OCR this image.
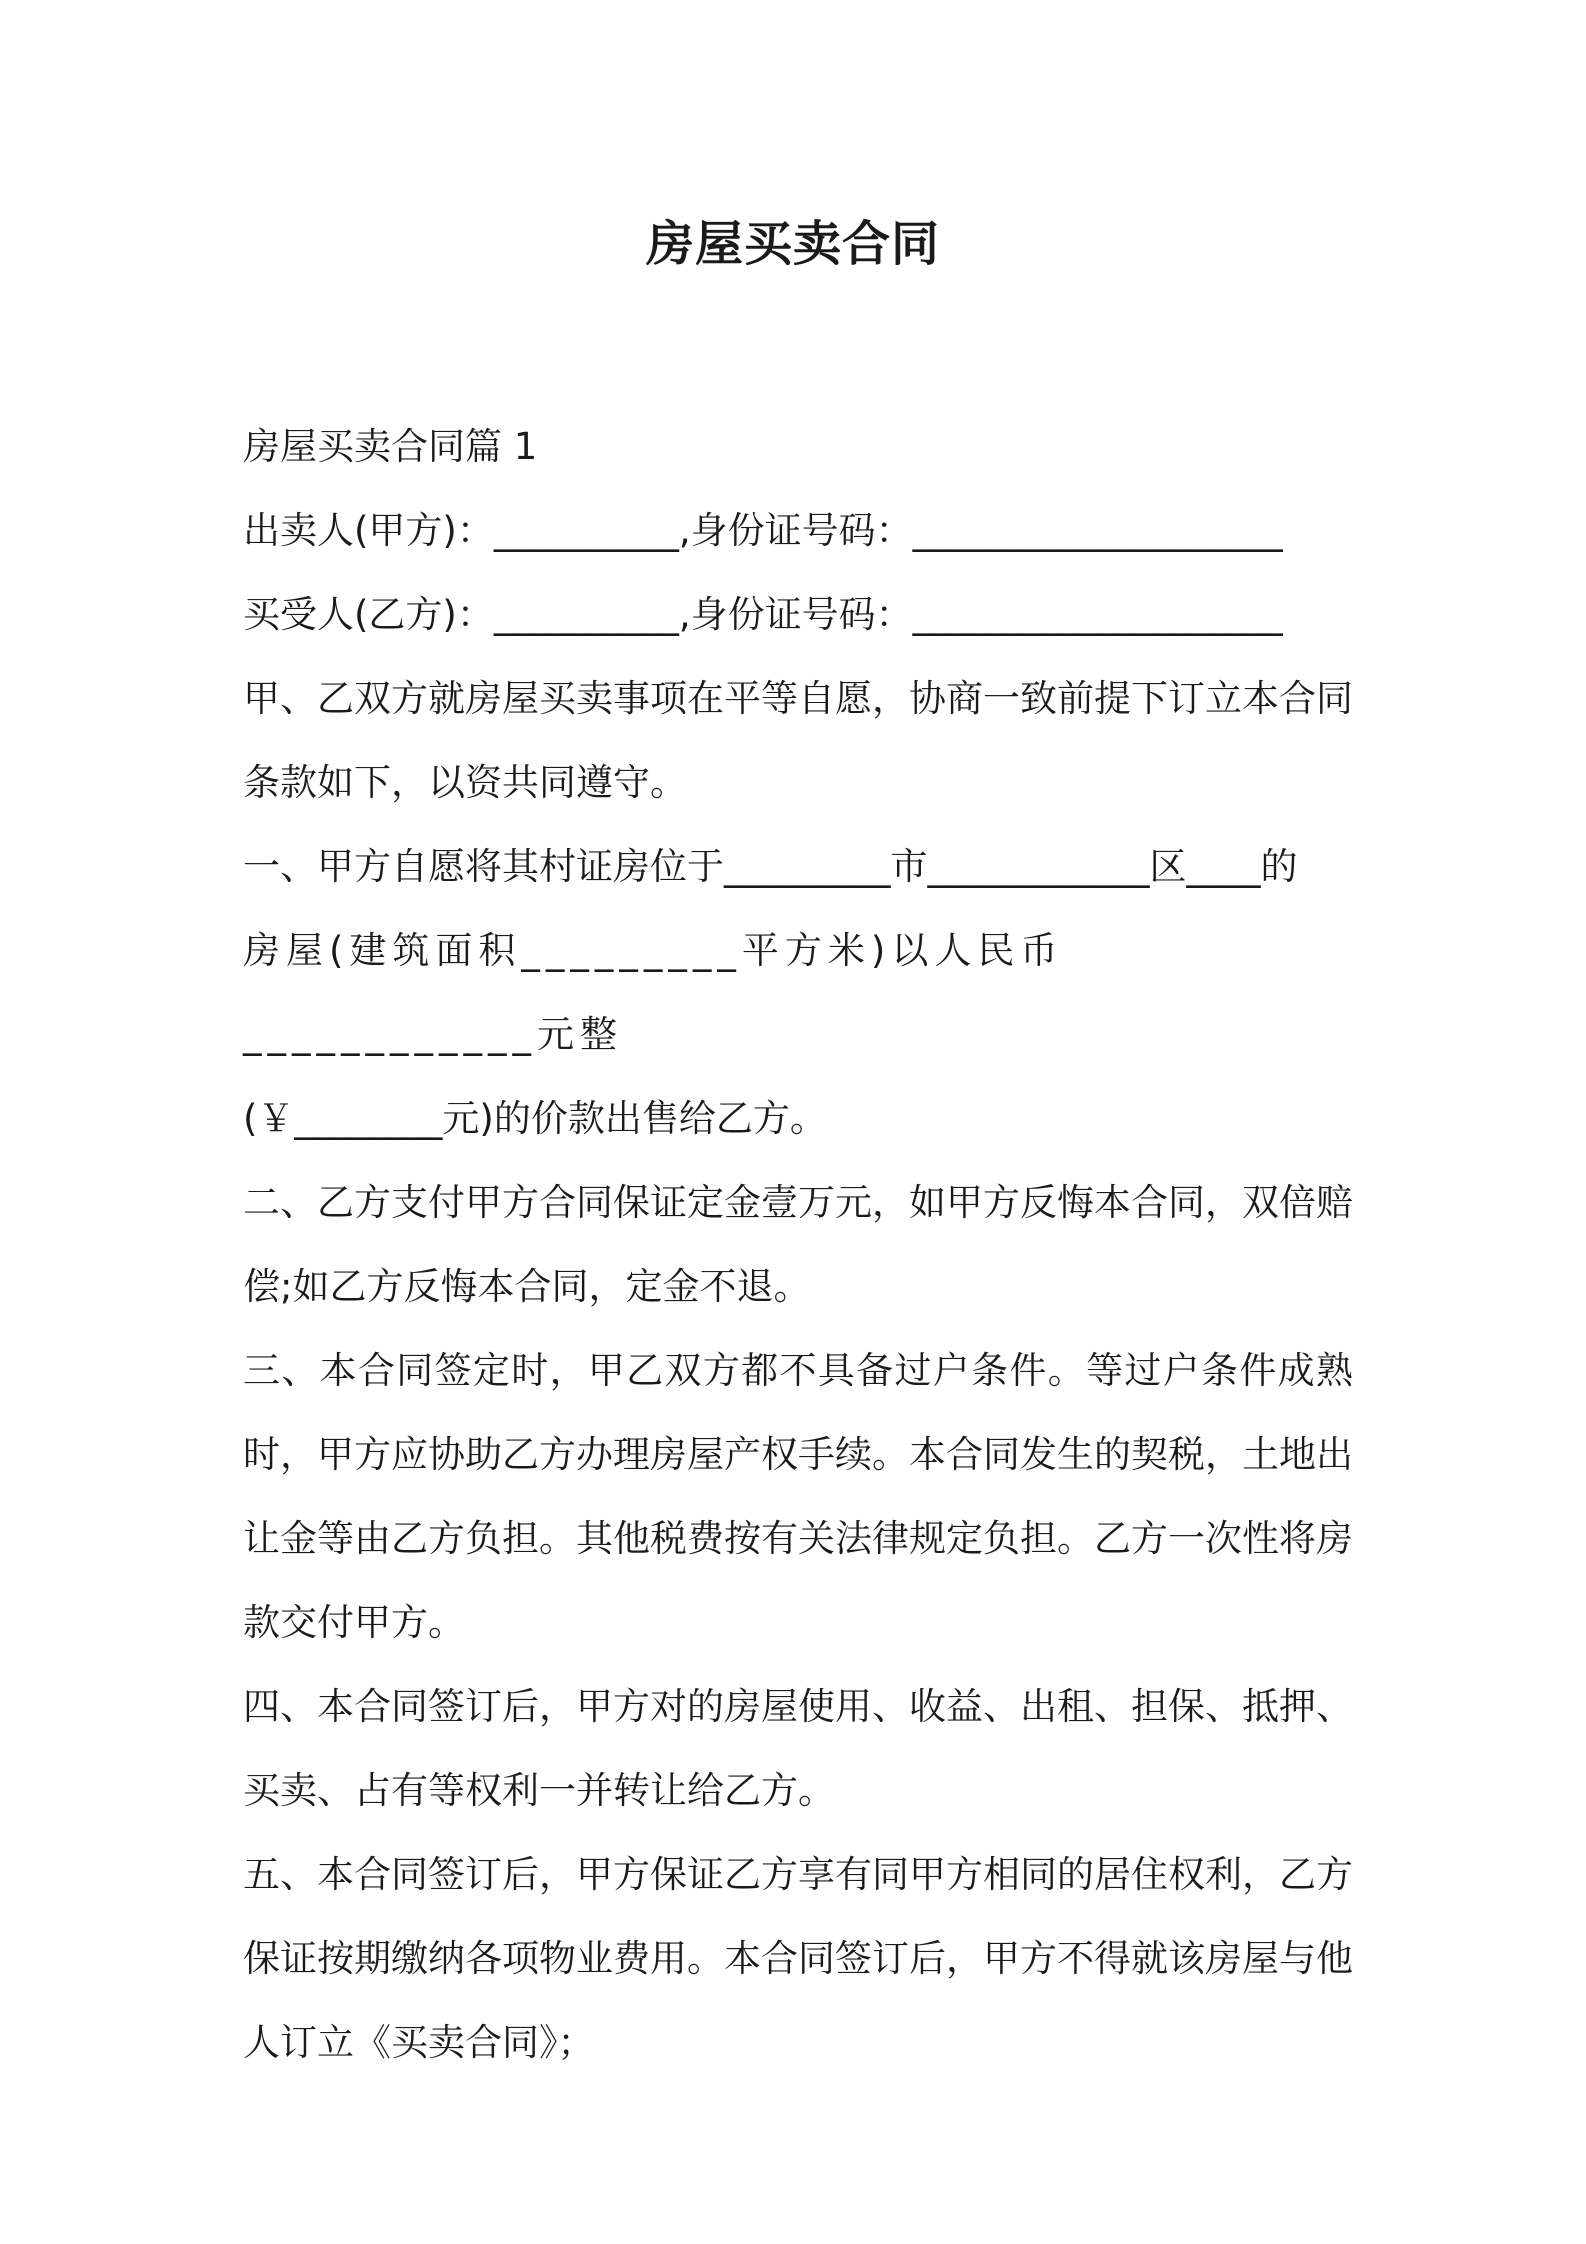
房屋买卖合同

房屋买卖合同篇 1

出卖人(甲方)：__________,身份证号码：____________________

买受人(乙方)：__________,身份证号码：____________________

甲、乙双方就房屋买卖事项在平等自愿，协商一致前提下订立本合同条款如下，以资共同遵守。

一、甲方自愿将其村证房位于_________市____________区____的

房屋(建筑面积_________平方米)以人民币____________元整

(￥________元)的价款出售给乙方。

二、乙方支付甲方合同保证定金壹万元，如甲方反悔本合同，双倍赔偿;如乙方反悔本合同，定金不退。

三、本合同签定时，甲乙双方都不具备过户条件。等过户条件成熟时，甲方应协助乙方办理房屋产权手续。本合同发生的契税，土地出让金等由乙方负担。其他税费按有关法律规定负担。乙方一次性将房款交付甲方。

四、本合同签订后，甲方对的房屋使用、收益、出租、担保、抵押、买卖、占有等权利一并转让给乙方。

五、本合同签订后，甲方保证乙方享有同甲方相同的居住权利，乙方保证按期缴纳各项物业费用。本合同签订后，甲方不得就该房屋与他人订立《买卖合同》；
